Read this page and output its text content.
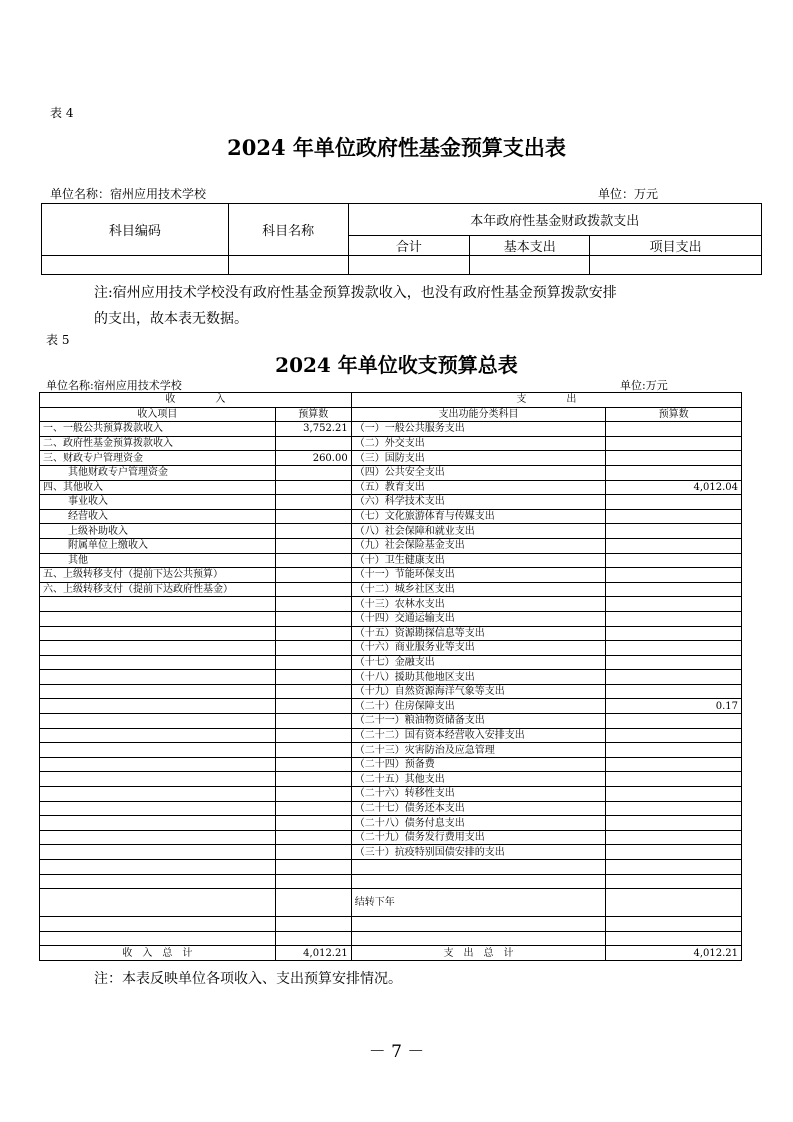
表 4
2024 年单位政府性基金预算支出表
单位名称：宿州应用技术学校	单位：万元
科目编码	科目名称	本年政府性基金财政拨款支出		
		合计	基本支出	项目支出

注:宿州应用技术学校没有政府性基金预算拨款收入，也没有政府性基金预算拨款安排
的支出，故本表无数据。
表 5
2024 年单位收支预算总表
单位名称:宿州应用技术学校	单位:万元
收　　　　入		支　　　　出	
收入项目	预算数	支出功能分类科目	预算数
一、一般公共预算拨款收入	3,752.21	（一）一般公共服务支出	
二、政府性基金预算拨款收入		（二）外交支出	
三、财政专户管理资金	260.00	（三）国防支出	
其他财政专户管理资金		（四）公共安全支出	
四、其他收入		（五）教育支出	4,012.04
事业收入		（六）科学技术支出	
经营收入		（七）文化旅游体育与传媒支出	
上级补助收入		（八）社会保障和就业支出	
附属单位上缴收入		（九）社会保险基金支出	
其他		（十）卫生健康支出	
五、上级转移支付（提前下达公共预算）		（十一）节能环保支出	
六、上级转移支付（提前下达政府性基金）		（十二）城乡社区支出	
		（十三）农林水支出	
		（十四）交通运输支出	
		（十五）资源勘探信息等支出	
		（十六）商业服务业等支出	
		（十七）金融支出	
		（十八）援助其他地区支出	
		（十九）自然资源海洋气象等支出	
		（二十）住房保障支出	0.17
		（二十一）粮油物资储备支出	
		（二十二）国有资本经营收入安排支出	
		（二十三）灾害防治及应急管理	
		（二十四）预备费	
		（二十五）其他支出	
		（二十六）转移性支出	
		（二十七）债务还本支出	
		（二十八）债务付息支出	
		（二十九）债务发行费用支出	
		（三十）抗疫特别国债安排的支出	

		结转下年	

收　入　总　计	4,012.21	支　出　总　计	4,012.21
注：本表反映单位各项收入、支出预算安排情况。
－ 7 －
